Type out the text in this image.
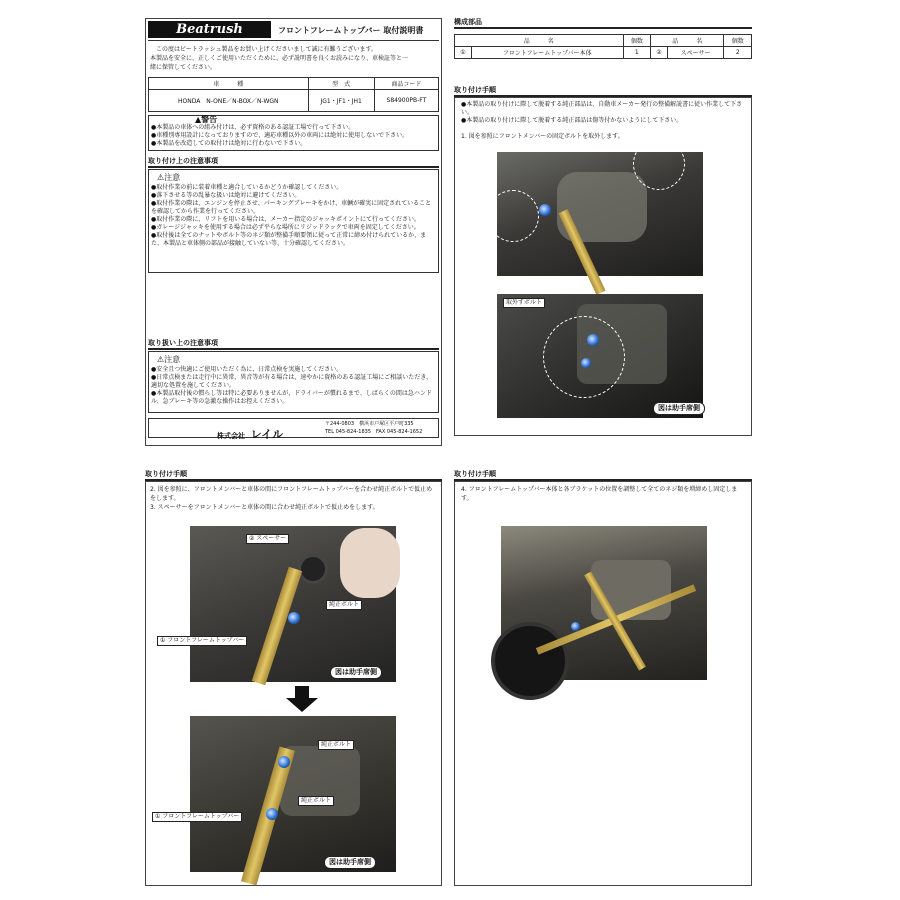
Beatrush	フロントフレームトップバー 取付説明書
この度はビートラッシュ製品をお買い上げくださいまして誠に有難うございます。
本製品を安全に、正しくご使用いただくために、必ず説明書を良くお読みになり、車検証等と一
緒に保管してください。
車　　　種	型　式	商品コード
HONDA　N-ONE／N-BOX／N-WGN	JG1・JF1・JH1	S84900PB-FT
▲警告
●本製品の車体への組み付けは、必ず資格のある認証工場で行って下さい。
●車種別専用設計になっておりますので、適応車種以外の車両には絶対に使用しないで下さい。
●本製品を改造しての取付けは絶対に行わないで下さい。
取り付け上の注意事項
⚠注意
●取付作業の前に装着車種と適合しているかどうか確認してください。
●落下させる等の乱暴な扱いは絶対に避けてください。
●取付作業の際は、エンジンを停止させ、パーキングブレーキをかけ、車輌が確実に固定されていることを確認してから作業を行ってください。
●取付作業の際に、リフトを用いる場合は、メーカー指定のジャッキポイントにて行ってください。
●ガレージジャッキを使用する場合は必ず平らな場所にリジッドラックで車両を固定してください。
●取付後は全てのナットやボルト等のネジ類が整備手順要領に従って正常に締め付けられているか、また、本製品と車体側の部品が接触していない等、十分確認してください。
取り扱い上の注意事項
⚠注意
●安全且つ快適にご使用いただく為に、日常点検を実施してください。
●日常点検または走行中に異常、異音等が有る場合は、速やかに資格のある認証工場にご相談いただき、適切な処置を施してください。
●本製品取付後の慣らし等は特に必要ありませんが、ドライバーが慣れるまで、しばらくの間は急ハンドル、急ブレーキ等の急激な操作はお控えください。
株式会社 レイル
〒244-0803　横浜市戸塚区平戸町335
TEL 045-824-1835　FAX 045-824-1652
構成部品
品　　　名		個数	品　　　名		個数
①	フロントフレームトップバー本体	1	②	スペーサー	2
取り付け手順
●本製品の取り付けに際して脱着する純正部品は、自動車メーカー発行の整備解説書に従い作業して下さい。
●本製品の取り付けに際して脱着する純正部品は傷等付かないようにして下さい。
1. 図を参照にフロントメンバーの固定ボルトを取外します。
取外すボルト
図は助手席側
取り付け手順
2. 図を参照に、フロントメンバーと車体の間にフロントフレームトップバーを合わせ純正ボルトで仮止めをします。
3. スペーサーをフロントメンバーと車体の間に合わせ純正ボルトで仮止めをします。
② スペーサー
純正ボルト
① フロントフレームトップバー
図は助手席側
純正ボルト
純正ボルト
① フロントフレームトップバー
図は助手席側
取り付け手順
4. フロントフレームトップバー本体と各ブラケットの位置を調整して全てのネジ類を増締めし固定します。
